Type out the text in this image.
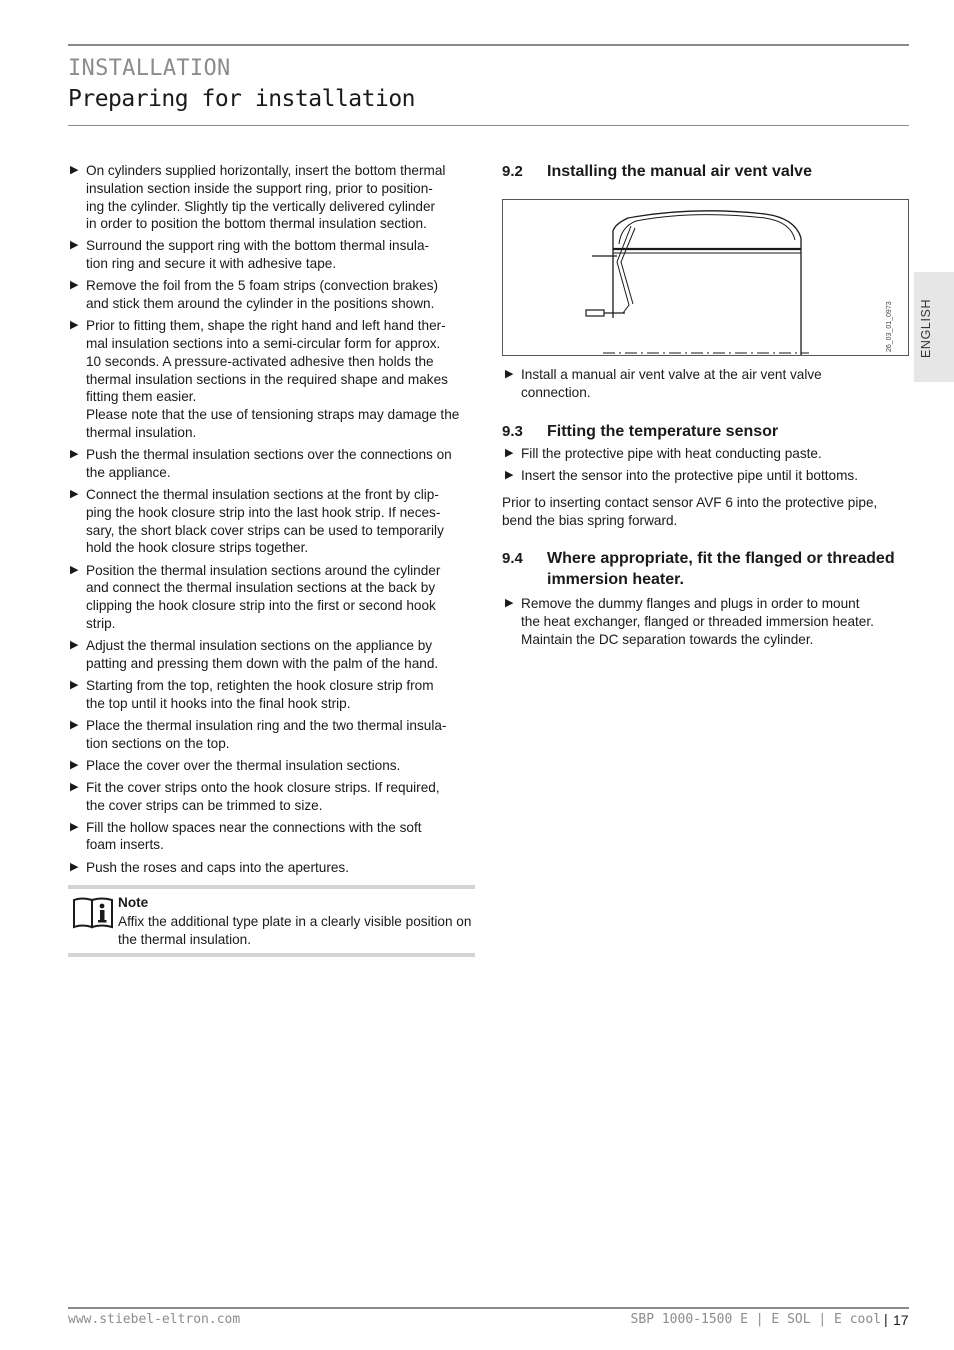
INSTALLATION
Preparing for installation
▶ On cylinders supplied horizontally, insert the bottom thermal
insulation section inside the support ring, prior to position-
ing the cylinder. Slightly tip the vertically delivered cylinder
in order to position the bottom thermal insulation section.
▶ Surround the support ring with the bottom thermal insula-
tion ring and secure it with adhesive tape.
▶ Remove the foil from the 5 foam strips (convection brakes)
and stick them around the cylinder in the positions shown.
▶ Prior to fitting them, shape the right hand and left hand ther-
mal insulation sections into a semi-circular form for approx.
10 seconds. A pressure-activated adhesive then holds the
thermal insulation sections in the required shape and makes
fitting them easier.
Please note that the use of tensioning straps may damage the
thermal insulation.
▶ Push the thermal insulation sections over the connections on
the appliance.
▶ Connect the thermal insulation sections at the front by clip-
ping the hook closure strip into the last hook strip. If neces-
sary, the short black cover strips can be used to temporarily
hold the hook closure strips together.
▶ Position the thermal insulation sections around the cylinder
and connect the thermal insulation sections at the back by
clipping the hook closure strip into the first or second hook
strip.
▶ Adjust the thermal insulation sections on the appliance by
patting and pressing them down with the palm of the hand.
▶ Starting from the top, retighten the hook closure strip from
the top until it hooks into the final hook strip.
▶ Place the thermal insulation ring and the two thermal insula-
tion sections on the top.
▶ Place the cover over the thermal insulation sections.
▶ Fit the cover strips onto the hook closure strips. If required,
the cover strips can be trimmed to size.
▶ Fill the hollow spaces near the connections with the soft
foam inserts.
▶ Push the roses and caps into the apertures.
Note
Affix the additional type plate in a clearly visible position on the thermal insulation.
9.2 Installing the manual air vent valve
26_03_01_0973
▶ Install a manual air vent valve at the air vent valve
connection.
9.3 Fitting the temperature sensor
▶ Fill the protective pipe with heat conducting paste.
▶ Insert the sensor into the protective pipe until it bottoms.
Prior to inserting contact sensor AVF 6 into the protective pipe, bend the bias spring forward.
9.4 Where appropriate, fit the flanged or threaded immersion heater.
▶ Remove the dummy flanges and plugs in order to mount
the heat exchanger, flanged or threaded immersion heater.
Maintain the DC separation towards the cylinder.
ENGLISH
www.stiebel-eltron.com	SBP 1000-1500 E | E SOL | E cool | 17
